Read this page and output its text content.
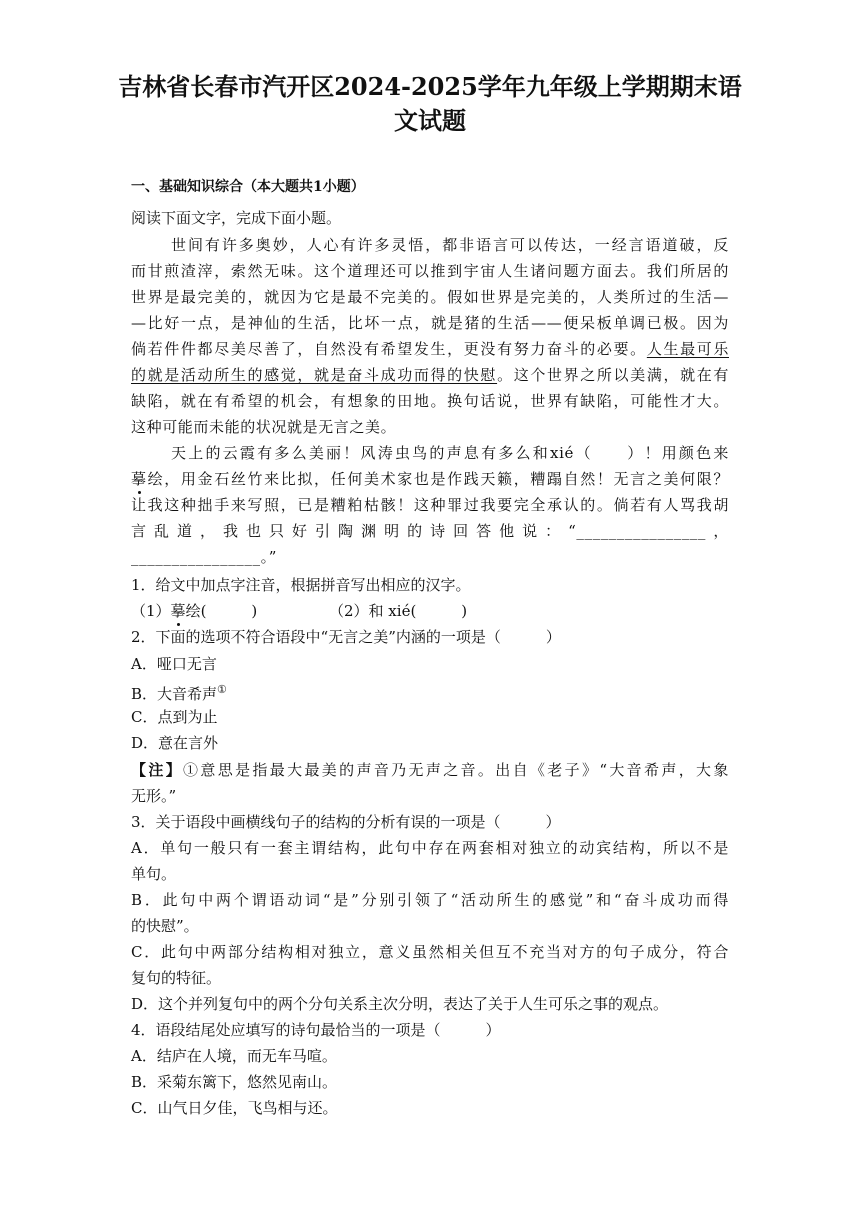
吉林省长春市汽开区2024-2025学年九年级上学期期末语
文试题
一、基础知识综合（本大题共1小题）
阅读下面文字，完成下面小题。
世间有许多奥妙，人心有许多灵悟，都非语言可以传达，一经言语道破，反
而甘煎渣滓，索然无味。这个道理还可以推到宇宙人生诸问题方面去。我们所居的
世界是最完美的，就因为它是最不完美的。假如世界是完美的，人类所过的生活—
—比好一点，是神仙的生活，比坏一点，就是猪的生活——便呆板单调已极。因为
倘若件件都尽美尽善了，自然没有希望发生，更没有努力奋斗的必要。人生最可乐
的就是活动所生的感觉，就是奋斗成功而得的快慰。这个世界之所以美满，就在有
缺陷，就在有希望的机会，有想象的田地。换句话说，世界有缺陷，可能性才大。
这种可能而未能的状况就是无言之美。
天上的云霞有多么美丽！风涛虫鸟的声息有多么和xié（　　）！用颜色来
摹绘，用金石丝竹来比拟，任何美术家也是作践天籁，糟蹋自然！无言之美何限？
让我这种拙手来写照，已是糟粕枯骸！这种罪过我要完全承认的。倘若有人骂我胡
言乱道，我也只好引陶渊明的诗回答他说：“________________，
________________。”
1．给文中加点字注音，根据拼音写出相应的汉字。
（1）摹绘(　　　)	（2）和 xié(　　　)
2．下面的选项不符合语段中“无言之美”内涵的一项是（　　　）
A．哑口无言
B．大音希声①
C．点到为止
D．意在言外
【注】①意思是指最大最美的声音乃无声之音。出自《老子》“大音希声，大象
无形。”
3．关于语段中画横线句子的结构的分析有误的一项是（　　　）
A．单句一般只有一套主谓结构，此句中存在两套相对独立的动宾结构，所以不是
单句。
B．此句中两个谓语动词“是”分别引领了“活动所生的感觉”和“奋斗成功而得
的快慰”。
C．此句中两部分结构相对独立，意义虽然相关但互不充当对方的句子成分，符合
复句的特征。
D．这个并列复句中的两个分句关系主次分明，表达了关于人生可乐之事的观点。
4．语段结尾处应填写的诗句最恰当的一项是（　　　）
A．结庐在人境，而无车马喧。
B．采菊东篱下，悠然见南山。
C．山气日夕佳，飞鸟相与还。
